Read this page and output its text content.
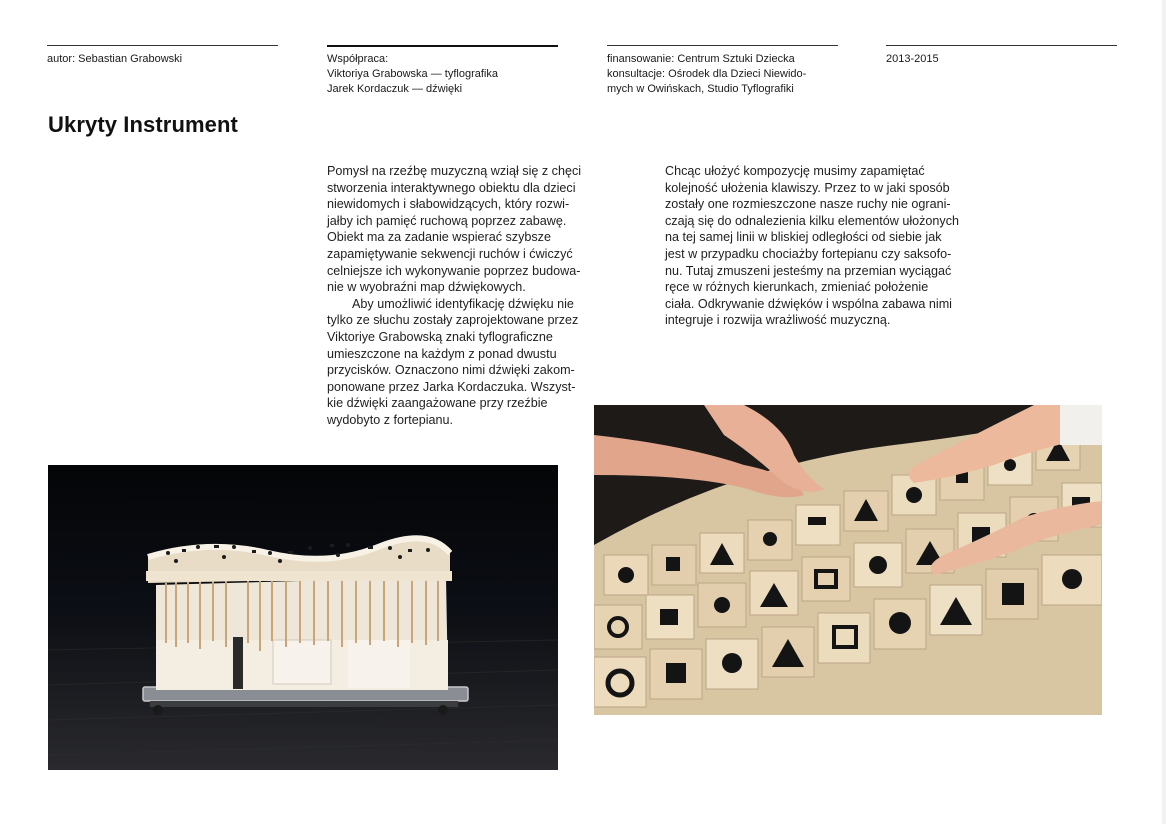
autor: Sebastian Grabowski	Współpraca:

Viktoriya Grabowska — tyflografika

Jarek Kordaczuk — dźwięki

finansowanie: Centrum Sztuki Dziecka

konsultacje: Ośrodek dla Dzieci Niewido-

mych w Owińskach, Studio Tyflografiki

2013-2015

Ukryty Instrument

Pomysł na rzeźbę muzyczną wziął się z chęci

stworzenia interaktywnego obiektu dla dzieci

niewidomych i słabowidzących, który rozwi-

jałby ich pamięć ruchową poprzez zabawę.

Obiekt ma za zadanie wspierać szybsze

zapamiętywanie sekwencji ruchów i ćwiczyć

celniejsze ich wykonywanie poprzez budowa-

nie w wyobraźni map dźwiękowych.

Aby umożliwić identyfikację dźwięku nie

tylko ze słuchu zostały zaprojektowane przez

Viktoriye Grabowską znaki tyflograficzne

umieszczone na każdym z ponad dwustu

przycisków. Oznaczono nimi dźwięki zakom-

ponowane przez Jarka Kordaczuka. Wszyst-

kie dźwięki zaangażowane przy rzeźbie

wydobyto z fortepianu.

Chcąc ułożyć kompozycję musimy zapamiętać

kolejność ułożenia klawiszy. Przez to w jaki sposób

zostały one rozmieszczone nasze ruchy nie ograni-

czają się do odnalezienia kilku elementów ułożonych

na tej samej linii w bliskiej odległości od siebie jak

jest w przypadku chociażby fortepianu czy saksofo-

nu. Tutaj zmuszeni jesteśmy na przemian wyciągać

ręce w różnych kierunkach, zmieniać położenie

ciała. Odkrywanie dźwięków i wspólna zabawa nimi

integruje i rozwija wrażliwość muzyczną.
